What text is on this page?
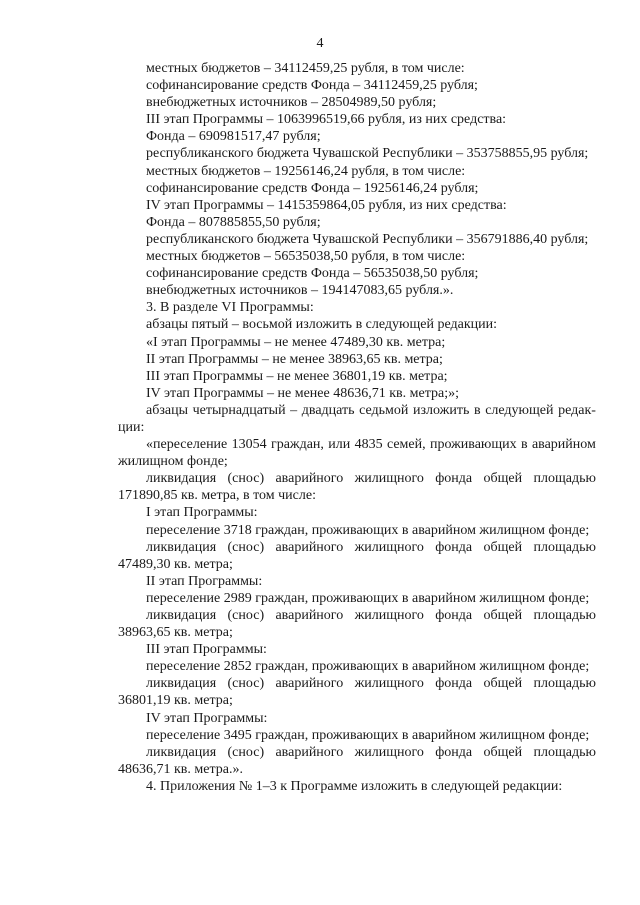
4
местных бюджетов – 34112459,25 рубля, в том числе:
софинансирование средств Фонда – 34112459,25 рубля;
внебюджетных источников – 28504989,50 рубля;
III этап Программы – 1063996519,66 рубля, из них средства:
Фонда – 690981517,47 рубля;
республиканского бюджета Чувашской Республики – 353758855,95 рубля;
местных бюджетов – 19256146,24 рубля, в том числе:
софинансирование средств Фонда – 19256146,24 рубля;
IV этап Программы – 1415359864,05 рубля, из них средства:
Фонда – 807885855,50 рубля;
республиканского бюджета Чувашской Республики – 356791886,40 рубля;
местных бюджетов – 56535038,50 рубля, в том числе:
софинансирование средств Фонда – 56535038,50 рубля;
внебюджетных источников – 194147083,65 рубля.».
3. В разделе VI Программы:
абзацы пятый – восьмой изложить в следующей редакции:
«I этап Программы – не менее 47489,30 кв. метра;
II этап Программы – не менее 38963,65 кв. метра;
III этап Программы – не менее 36801,19 кв. метра;
IV этап Программы – не менее 48636,71 кв. метра;»;
абзацы четырнадцатый – двадцать седьмой изложить в следующей редак-
ции:
«переселение 13054 граждан, или 4835 семей, проживающих в аварийном
жилищном фонде;
ликвидация (снос) аварийного жилищного фонда общей площадью
171890,85 кв. метра, в том числе:
I этап Программы:
переселение 3718 граждан, проживающих в аварийном жилищном фонде;
ликвидация (снос) аварийного жилищного фонда общей площадью
47489,30 кв. метра;
II этап Программы:
переселение 2989 граждан, проживающих в аварийном жилищном фонде;
ликвидация (снос) аварийного жилищного фонда общей площадью
38963,65 кв. метра;
III этап Программы:
переселение 2852 граждан, проживающих в аварийном жилищном фонде;
ликвидация (снос) аварийного жилищного фонда общей площадью
36801,19 кв. метра;
IV этап Программы:
переселение 3495 граждан, проживающих в аварийном жилищном фонде;
ликвидация (снос) аварийного жилищного фонда общей площадью
48636,71 кв. метра.».
4. Приложения № 1–3 к Программе изложить в следующей редакции:
